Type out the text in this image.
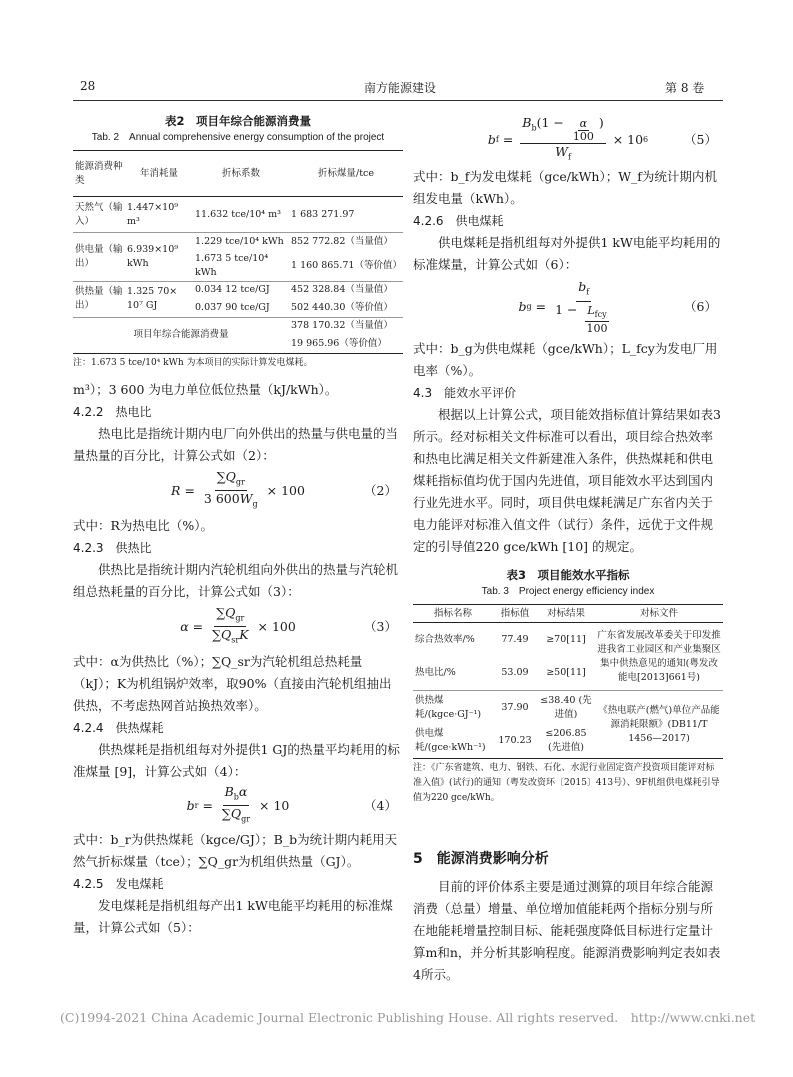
28	南方能源建设	第 8 卷
表2　项目年综合能源消费量
Tab. 2　Annual comprehensive energy consumption of the project
能源消费种类	年消耗量	折标系数	折标煤量/tce
天然气（输入）	1.447×10⁹ m³	11.632 tce/10⁴ m³	1 683 271.97
供电量（输出）	6.939×10⁹ kWh	1.229 tce/10⁴ kWh	852 772.82（当量值）
		1.673 5 tce/10⁴ kWh	1 160 865.71（等价值）
供热量（输出）	1.325 70× 10⁷ GJ	0.034 12 tce/GJ	452 328.84（当量值）
		0.037 90 tce/GJ	502 440.30（等价值）
项目年综合能源消费量			378 170.32（当量值）
			19 965.96（等价值）
注：1.673 5 tce/10⁴ kWh 为本项目的实际计算发电煤耗。

m³）；3 600 为电力单位低位热量（kJ/kWh）。

4.2.2　热电比

热电比是指统计期内电厂向外供出的热量与供电量的当量热量的百分比，计算公式如（2）：

$R = \frac{\sum Q_{gr}}{3 600W_g} \times 100$	（2）

式中：R为热电比（%）。

4.2.3　供热比

供热比是指统计期内汽轮机组向外供出的热量与汽轮机组总热耗量的百分比，计算公式如（3）：

$\alpha = \frac{\sum Q_{gr}}{\sum Q_{sr}K} \times 100$	（3）

式中：α为供热比（%）；∑Q_sr为汽轮机组总热耗量（kJ）；K为机组锅炉效率，取90%（直接由汽轮机组抽出供热，不考虑热网首站换热效率）。

4.2.4　供热煤耗

供热煤耗是指机组每对外提供1 GJ的热量平均耗用的标准煤量 [9]，计算公式如（4）：

b $r = \frac{B_b\alpha}{\sum Q_{gr}} \times 10$	（4）

式中：b_r为供热煤耗（kgce/GJ）；B_b为统计期内耗用天然气折标煤量（tce）；∑Q_gr为机组供热量（GJ）。

4.2.5　发电煤耗

发电煤耗是指机组每产出1 kW电能平均耗用的标准煤量，计算公式如（5）：

b $f = \frac{B_b(1 - \frac{\alpha}{100} )}{W_f} \times 10$ 6	（5）

式中：b_f为发电煤耗（gce/kWh）；W_f为统计期内机组发电量（kWh）。

4.2.6　供电煤耗

供电煤耗是指机组每对外提供1 kW电能平均耗用的标准煤量，计算公式如（6）：

b $g = \frac{b_f}{1 - \frac{L_{fcy}}{100}}$	（6）

式中：b_g为供电煤耗（gce/kWh）；L_fcy为发电厂用电率（%）。

4.3　能效水平评价

根据以上计算公式，项目能效指标值计算结果如表3所示。经对标相关文件标准可以看出，项目综合热效率和热电比满足相关文件新建准入条件，供热煤耗和供电煤耗指标值均优于国内先进值，项目能效水平达到国内行业先进水平。同时，项目供电煤耗满足广东省内关于电力能评对标准入值文件（试行）条件，远优于文件规定的引导值220 gce/kWh [10] 的规定。

表3　项目能效水平指标
Tab. 3　Project energy efficiency index
指标名称	指标值	对标结果	对标文件
综合热效率/%	77.49	≥70[11]	广东省发展改革委关于印发推进我省工业园区和产业集聚区集中供热意见的通知(粤发改能电[2013]661号)
热电比/%	53.09	≥50[11]	
供热煤耗/(kgce·GJ⁻¹)	37.90	≤38.40 (先进值)	《热电联产(燃气)单位产品能源消耗限额》(DB11/T 1456—2017)
供电煤耗/(gce·kWh⁻¹)	170.23	≤206.85 (先进值)	
注：《广东省建筑、电力、钢铁、石化、水泥行业固定资产投资项目能评对标准入值》(试行)的通知（粤发改资环〔2015〕413号）、9F机组供电煤耗引导值为220 gce/kWh。

5　能源消费影响分析

目前的评价体系主要是通过测算的项目年综合能源消费（总量）增量、单位增加值能耗两个指标分别与所在地能耗增量控制目标、能耗强度降低目标进行定量计算m和n，并分析其影响程度。能源消费影响判定表如表4所示。

(C)1994-2021 China Academic Journal Electronic Publishing House. All rights reserved.　http://www.cnki.net
